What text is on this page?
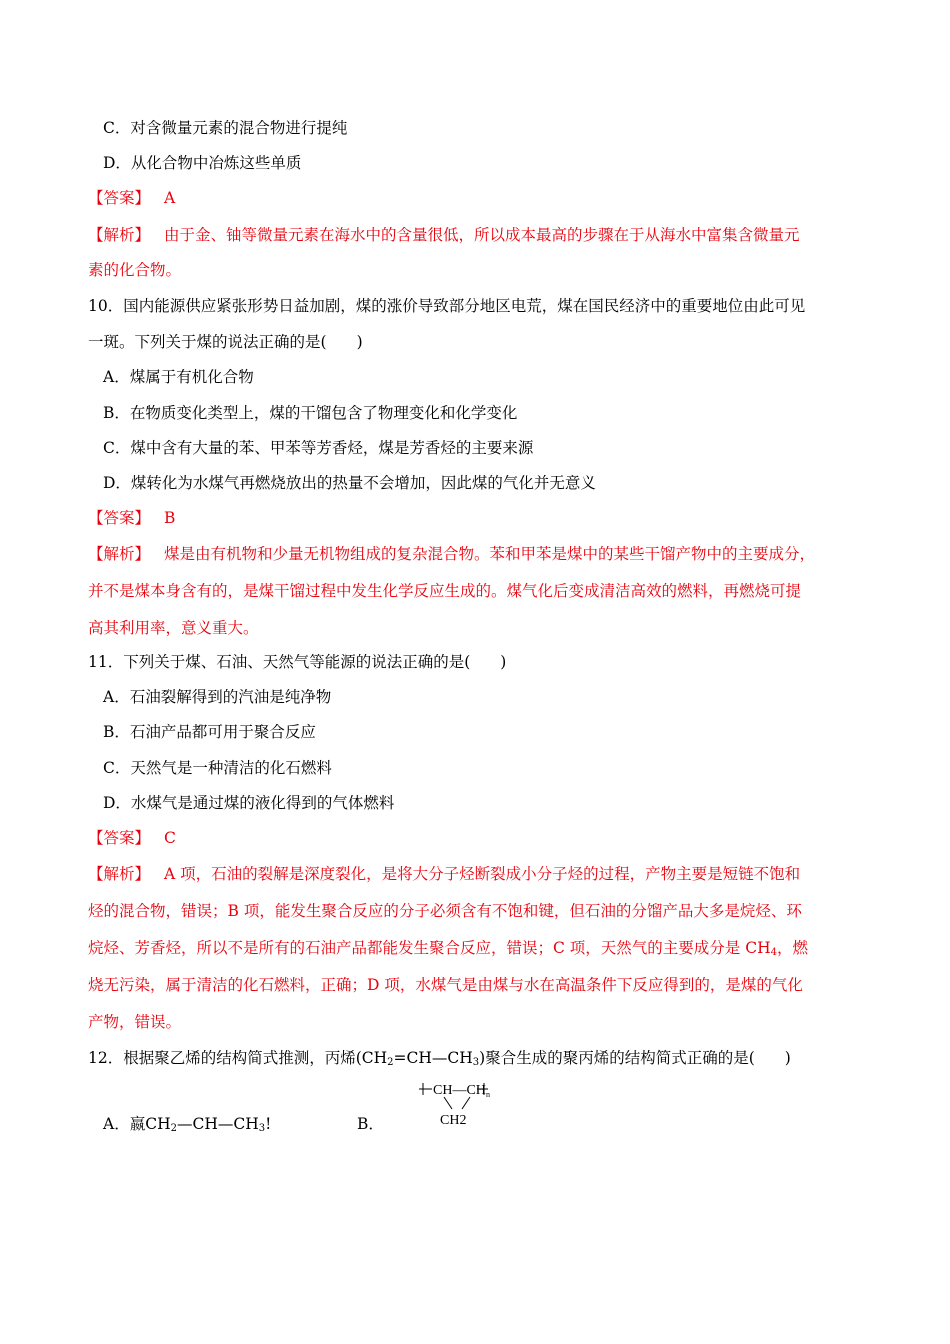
C．对含微量元素的混合物进行提纯
D．从化合物中冶炼这些单质
【答案】 A
【解析】 由于金、铀等微量元素在海水中的含量很低，所以成本最高的步骤在于从海水中富集含微量元
素的化合物。
10．国内能源供应紧张形势日益加剧，煤的涨价导致部分地区电荒，煤在国民经济中的重要地位由此可见
一斑。下列关于煤的说法正确的是( )
A．煤属于有机化合物
B．在物质变化类型上，煤的干馏包含了物理变化和化学变化
C．煤中含有大量的苯、甲苯等芳香烃，煤是芳香烃的主要来源
D．煤转化为水煤气再燃烧放出的热量不会增加，因此煤的气化并无意义
【答案】 B
【解析】 煤是由有机物和少量无机物组成的复杂混合物。苯和甲苯是煤中的某些干馏产物中的主要成分，
并不是煤本身含有的，是煤干馏过程中发生化学反应生成的。煤气化后变成清洁高效的燃料，再燃烧可提
高其利用率，意义重大。
11．下列关于煤、石油、天然气等能源的说法正确的是( )
A．石油裂解得到的汽油是纯净物
B．石油产品都可用于聚合反应
C．天然气是一种清洁的化石燃料
D．水煤气是通过煤的液化得到的气体燃料
【答案】 C
【解析】 A 项，石油的裂解是深度裂化，是将大分子烃断裂成小分子烃的过程，产物主要是短链不饱和
烃的混合物，错误；B 项，能发生聚合反应的分子必须含有不饱和键，但石油的分馏产品大多是烷烃、环
烷烃、芳香烃，所以不是所有的石油产品都能发生聚合反应，错误；C 项，天然气的主要成分是 $CH_4$，燃
烧无污染，属于清洁的化石燃料，正确；D 项，水煤气是由煤与水在高温条件下反应得到的，是煤的气化
产物，错误。
12．根据聚乙烯的结构简式推测，丙烯$(CH_2=CH—CH_3)$聚合生成的聚丙烯的结构简式正确的是( )
A．嬴$CH_2—CH—CH_3$!	B．
CH—CH n
CH2
